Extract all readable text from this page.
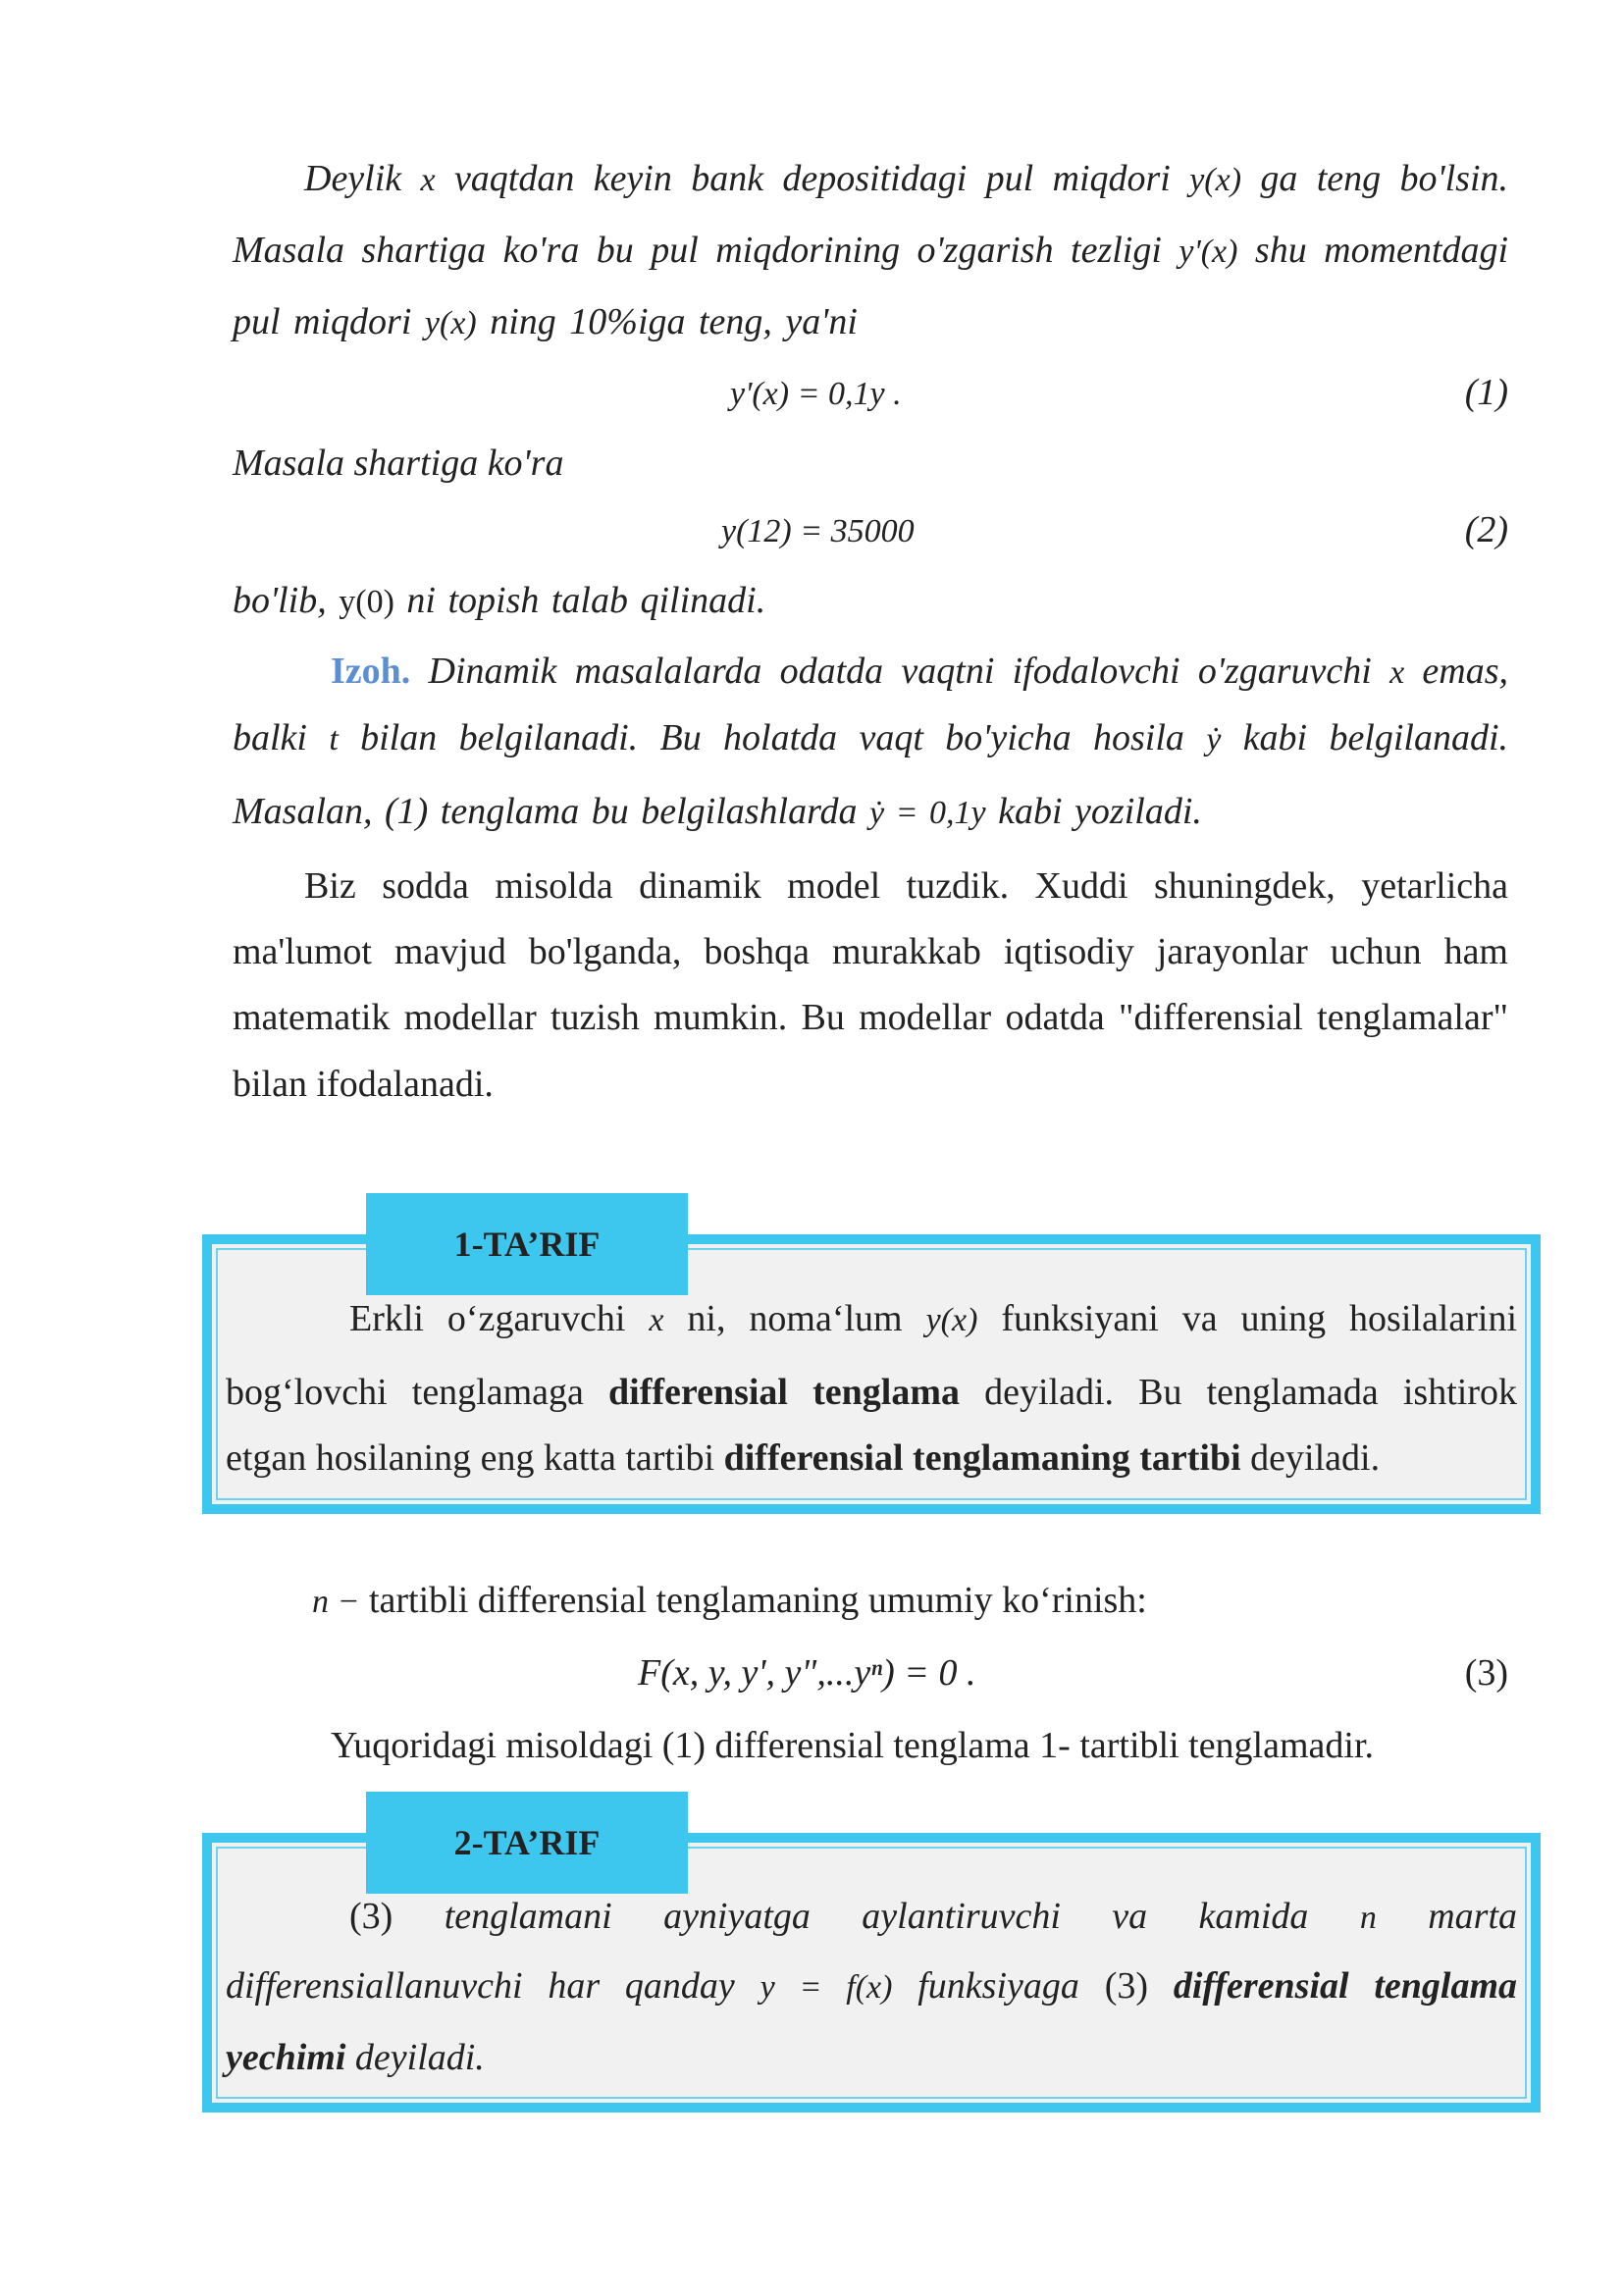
Deylik x vaqtdan keyin bank depositidagi pul miqdori y(x) ga teng bo'lsin.
Masala shartiga ko'ra bu pul miqdorining o'zgarish tezligi y'(x) shu momentdagi
pul miqdori y(x) ning 10%iga teng, ya'ni
y'(x) = 0,1y .	(1)
Masala shartiga ko'ra
y(12) = 35000	(2)
bo'lib, y(0) ni topish talab qilinadi.
Izoh. Dinamik masalalarda odatda vaqtni ifodalovchi o'zgaruvchi x emas,
balki t bilan belgilanadi. Bu holatda vaqt bo'yicha hosila ẏ kabi belgilanadi.
Masalan, (1) tenglama bu belgilashlarda ẏ = 0,1y kabi yoziladi.
Biz sodda misolda dinamik model tuzdik. Xuddi shuningdek, yetarlicha
ma'lumot mavjud bo'lganda, boshqa murakkab iqtisodiy jarayonlar uchun ham
matematik modellar tuzish mumkin. Bu modellar odatda "differensial tenglamalar"
bilan ifodalanadi.
1-TA’RIF
Erkli o‘zgaruvchi x ni, noma‘lum y(x) funksiyani va uning hosilalarini
bog‘lovchi tenglamaga differensial tenglama deyiladi. Bu tenglamada ishtirok
etgan hosilaning eng katta tartibi differensial tenglamaning tartibi deyiladi.
n − tartibli differensial tenglamaning umumiy ko‘rinish:
F(x, y, y', y",...yⁿ) = 0 .	(3)
Yuqoridagi misoldagi (1) differensial tenglama 1- tartibli tenglamadir.
2-TA’RIF
(3) tenglamani ayniyatga aylantiruvchi va kamida n marta
differensiallanuvchi har qanday y = f(x) funksiyaga (3) differensial tenglama
yechimi deyiladi.
